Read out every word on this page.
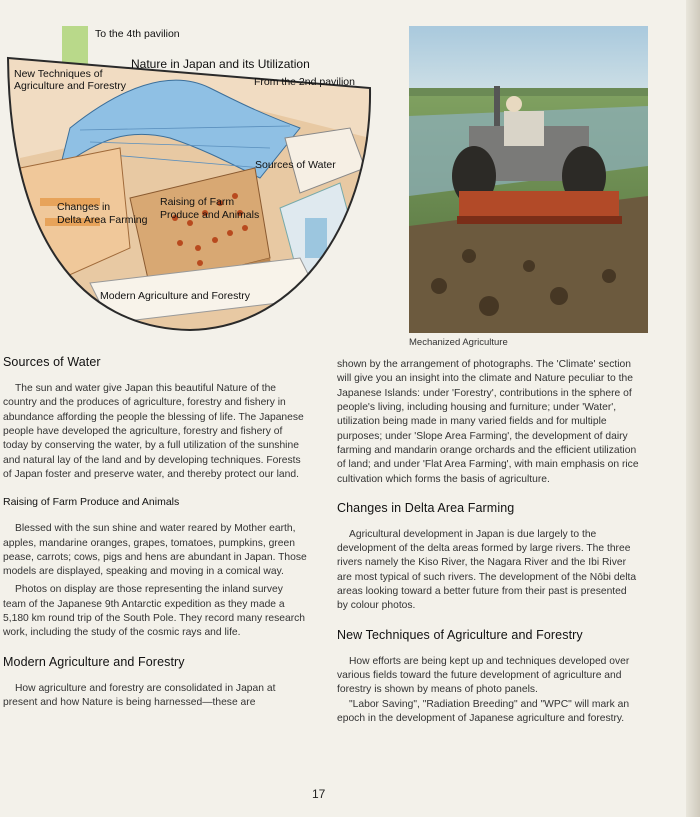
To the 4th pavilion
New Techniques of
Agriculture and Forestry
Nature in Japan and its Utilization
From the 2nd pavilion
Sources of Water
Changes in
Delta Area Farming
Raising of Farm
Produce and Animals
Modern Agriculture and Forestry
Mechanized Agriculture
Sources of Water

The sun and water give Japan this beautiful Nature of the country and the produces of agriculture, forestry and fishery in abundance affording the people the blessing of life. The Japanese people have developed the agriculture, forestry and fishery of today by conserving the water, by a full utilization of the sunshine and natural lay of the land and by developing techniques. Forests of Japan foster and preserve water, and thereby protect our land.

Raising of Farm Produce and Animals

Blessed with the sun shine and water reared by Mother earth, apples, mandarine oranges, grapes, tomatoes, pumpkins, green pease, carrots; cows, pigs and hens are abundant in Japan. Those models are displayed, speaking and moving in a comical way.

Photos on display are those representing the inland survey team of the Japanese 9th Antarctic expedition as they made a 5,180 km round trip of the South Pole. They record many research work, including the study of the cosmic rays and life.

Modern Agriculture and Forestry

How agriculture and forestry are consolidated in Japan at present and how Nature is being harnessed—these are

shown by the arrangement of photographs. The 'Climate' section will give you an insight into the climate and Nature peculiar to the Japanese Islands: under 'Forestry', contributions in the sphere of people's living, including housing and furniture; under 'Water', utilization being made in many varied fields and for multiple purposes; under 'Slope Area Farming', the development of dairy farming and mandarin orange orchards and the efficient utilization of land; and under 'Flat Area Farming', with main emphasis on rice cultivation which forms the basis of agriculture.

Changes in Delta Area Farming

Agricultural development in Japan is due largely to the development of the delta areas formed by large rivers. The three rivers namely the Kiso River, the Nagara River and the Ibi River are most typical of such rivers. The development of the Nōbi delta areas looking toward a better future from their past is presented by colour photos.

New Techniques of Agriculture and Forestry

How efforts are being kept up and techniques developed over various fields toward the future development of agriculture and forestry is shown by means of photo panels.

"Labor Saving", "Radiation Breeding" and "WPC" will mark an epoch in the development of Japanese agriculture and forestry.

17
